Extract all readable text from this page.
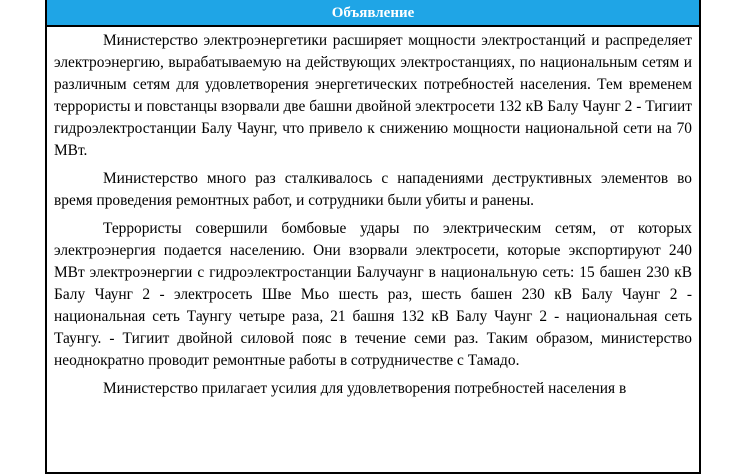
Объявление

Министерство электроэнергетики расширяет мощности электростанций и распределяет электроэнергию, вырабатываемую на действующих электростанциях, по национальным сетям и различным сетям для удовлетворения энергетических потребностей населения. Тем временем террористы и повстанцы взорвали две башни двойной электросети 132 кВ Балу Чаунг 2 - Тигиит гидроэлектростанции Балу Чаунг, что привело к снижению мощности национальной сети на 70 МВт.

Министерство много раз сталкивалось с нападениями деструктивных элементов во время проведения ремонтных работ, и сотрудники были убиты и ранены.

Террористы совершили бомбовые удары по электрическим сетям, от которых электроэнергия подается населению. Они взорвали электросети, которые экспортируют 240 МВт электроэнергии с гидроэлектростанции Балучаунг в национальную сеть: 15 башен 230 кВ Балу Чаунг 2 - электросеть Шве Мьо шесть раз, шесть башен 230 кВ Балу Чаунг 2 - национальная сеть Таунгу четыре раза, 21 башня 132 кВ Балу Чаунг 2 - национальная сеть Таунгу. - Тигиит двойной силовой пояс в течение семи раз. Таким образом, министерство неоднократно проводит ремонтные работы в сотрудничестве с Тамадо.

Министерство прилагает усилия для удовлетворения потребностей населения в
